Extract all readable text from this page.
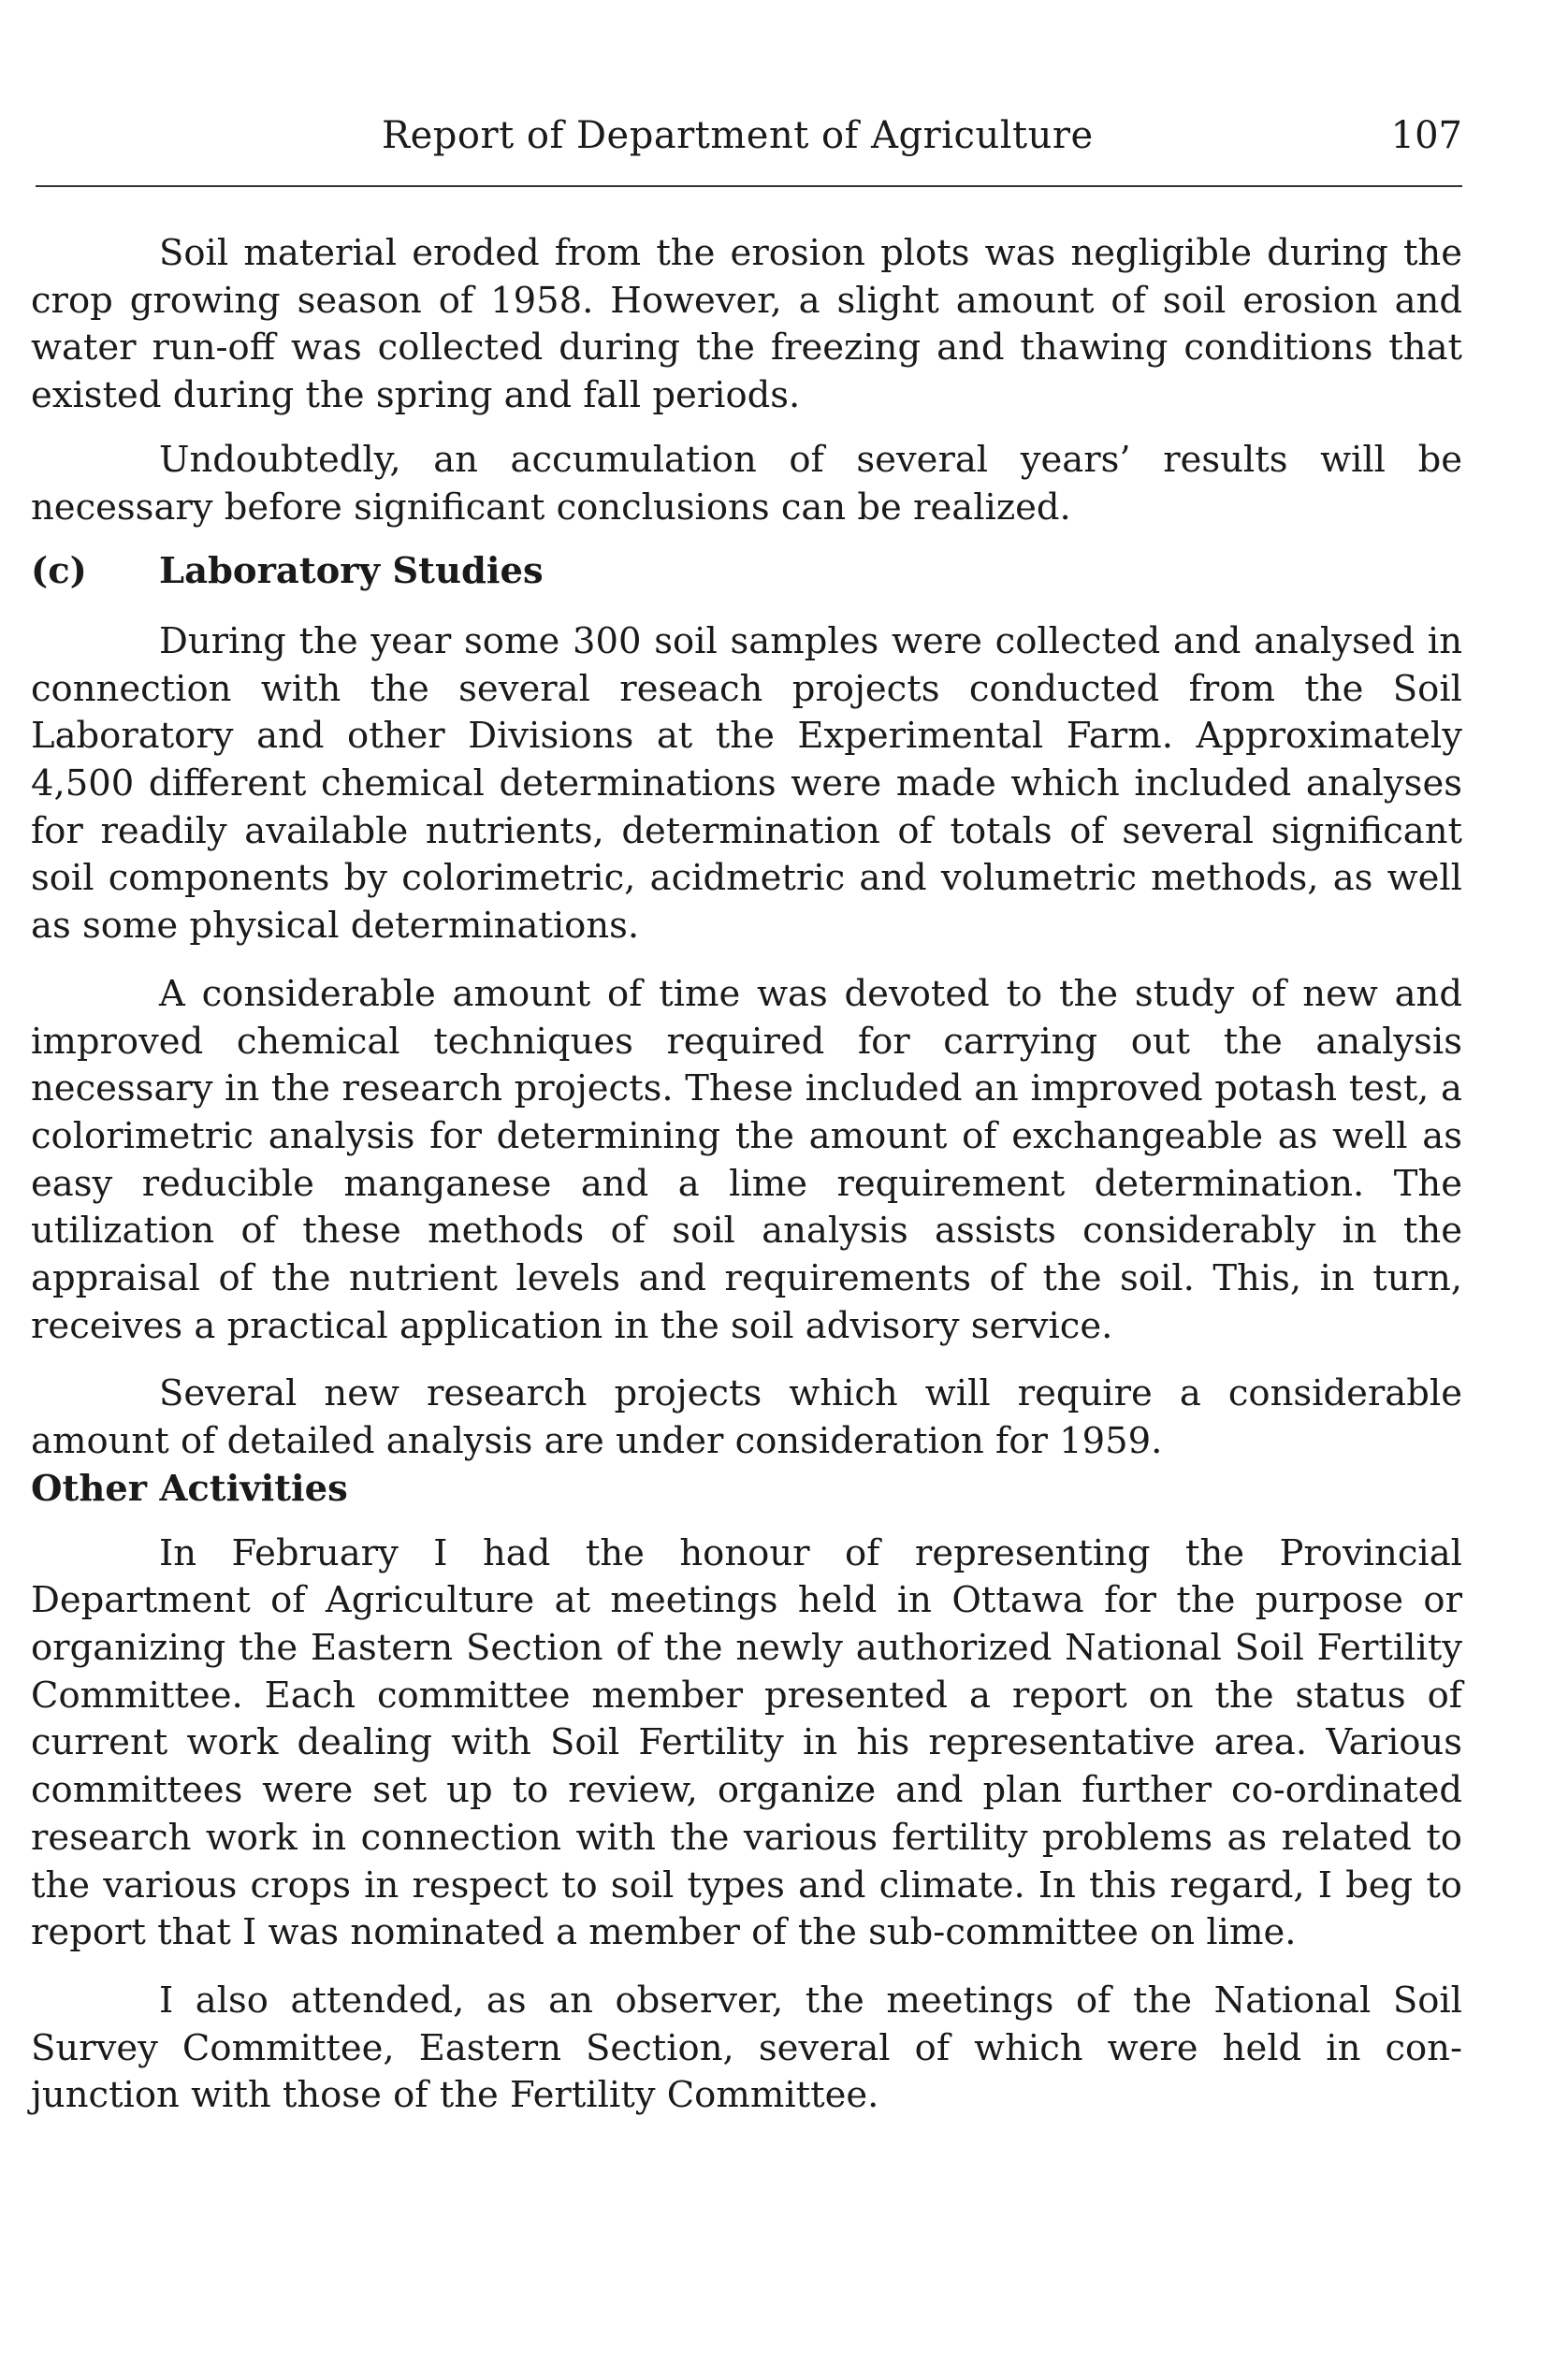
Report of Department of Agriculture	107

Soil material eroded from the erosion plots was negligible during the crop growing season of 1958. However, a slight amount of soil erosion and water run-off was collected during the freezing and thawing conditions that existed during the spring and fall periods.

Undoubtedly, an accumulation of several years’ results will be necessary before significant conclusions can be realized.

(c) Laboratory Studies

During the year some 300 soil samples were collected and analysed in connection with the several reseach projects conducted from the Soil Laboratory and other Divisions at the Experimental Farm. Approximately 4,500 different chemical determinations were made which included analyses for readily available nutrients, determination of totals of several significant soil components by colorimetric, acidmetric and volumetric methods, as well as some physical determinations.

A considerable amount of time was devoted to the study of new and improved chemical techniques required for carrying out the analysis necessary in the research projects. These included an improved potash test, a colorimetric analysis for determining the amount of exchangeable as well as easy reducible manganese and a lime requirement determination. The utilization of these methods of soil analysis assists considerably in the appraisal of the nutrient levels and requirements of the soil. This, in turn, receives a practical application in the soil advisory service.

Several new research projects which will require a considerable amount of detailed analysis are under consideration for 1959.

Other Activities

In February I had the honour of representing the Provincial Department of Agriculture at meetings held in Ottawa for the purpose or organizing the Eastern Section of the newly authorized National Soil Fertility Committee. Each committee member presented a report on the status of current work dealing with Soil Fertility in his representative area. Various committees were set up to review, organize and plan further co-ordinated research work in connection with the various fertility problems as related to the various crops in respect to soil types and climate. In this regard, I beg to report that I was nominated a member of the sub-committee on lime.

I also attended, as an observer, the meetings of the National Soil Survey Committee, Eastern Section, several of which were held in conjunction with those of the Fertility Committee.
